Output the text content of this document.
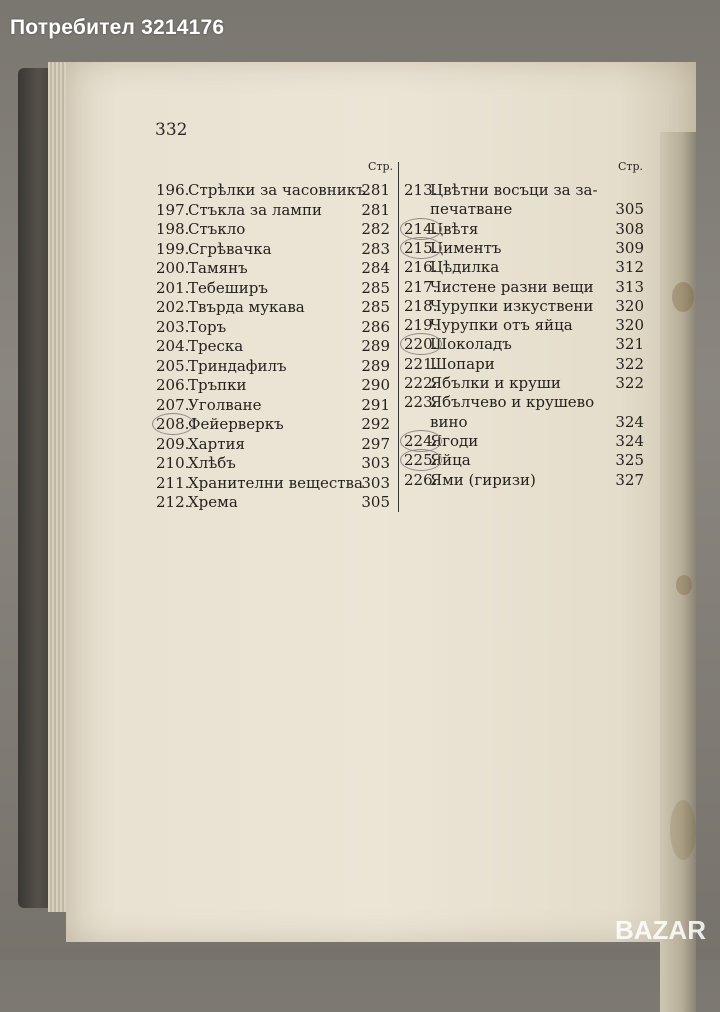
Потребител 3214176
332
Стр.	Стр.
196.
Стрѣлки за часовникъ
281
197.
Стъкла за лампи	281
198.
Стъкло	282
199.
Сгрѣвачка	283
200.
Тамянъ	284
201.
Тебеширъ	285
202.
Твърда мукава	285
203.
Торъ	286
204.
Треска	289
205.
Триндафилъ	289
206.
Тръпки	290
207.
Уголване	291
208.
Фейерверкъ	292
209.
Хартия	297
210.
Хлѣбъ	303
211.
Хранителни вещества
303
212.
Хрема	305
213.
Цвѣтни восъци за за-
печатване	305
214.
Цвѣтя	308
215.
Циментъ	309
216.
Цѣдилка	312
217.
Чистене разни вещи 313
218.
Чурупки изкуствени 320
219.
Чурупки отъ яйца	320
220.
Шоколадъ	321
221.
Шопари	322
222.
Ябълки и круши	322
223.
Ябълчево и крушево
вино	324
224.
Ягоди	324
225.
Яйца	325
226.
Ями (гиризи)	327
BAZAR
